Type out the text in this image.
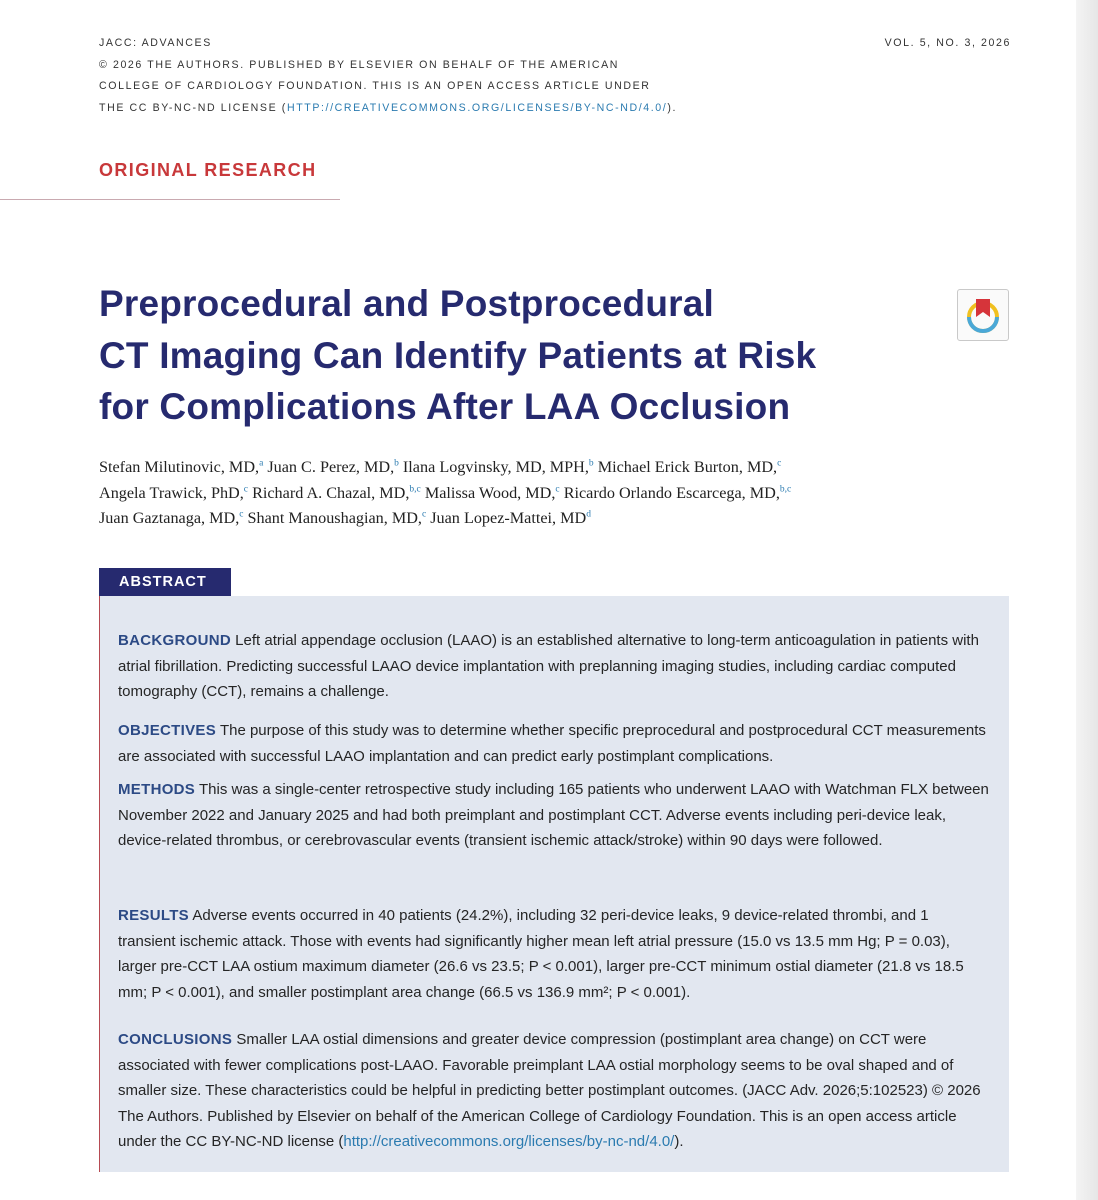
JACC: ADVANCES	VOL. 5, NO. 3, 2026
© 2026 THE AUTHORS. PUBLISHED BY ELSEVIER ON BEHALF OF THE AMERICAN
COLLEGE OF CARDIOLOGY FOUNDATION. THIS IS AN OPEN ACCESS ARTICLE UNDER
THE CC BY-NC-ND LICENSE (HTTP://CREATIVECOMMONS.ORG/LICENSES/BY-NC-ND/4.0/).
ORIGINAL RESEARCH
Preprocedural and Postprocedural
CT Imaging Can Identify Patients at Risk
for Complications After LAA Occlusion
Stefan Milutinovic, MD,$^a$ Juan C. Perez, MD,$^b$ Ilana Logvinsky, MD, MPH,$^b$ Michael Erick Burton, MD,$^c$
Angela Trawick, PhD,$^c$ Richard A. Chazal, MD,$^{b,c}$ Malissa Wood, MD,$^c$ Ricardo Orlando Escarcega, MD,$^{b,c}$
Juan Gaztanaga, MD,$^c$ Shant Manoushagian, MD,$^c$ Juan Lopez-Mattei, $MD^d$
ABSTRACT
BACKGROUND Left atrial appendage occlusion (LAAO) is an established alternative to long-term anticoagulation in patients with atrial fibrillation. Predicting successful LAAO device implantation with preplanning imaging studies, including cardiac computed tomography (CCT), remains a challenge.
OBJECTIVES The purpose of this study was to determine whether specific preprocedural and postprocedural CCT measurements are associated with successful LAAO implantation and can predict early postimplant complications.
METHODS This was a single-center retrospective study including 165 patients who underwent LAAO with Watchman FLX between November 2022 and January 2025 and had both preimplant and postimplant CCT. Adverse events including peri-device leak, device-related thrombus, or cerebrovascular events (transient ischemic attack/stroke) within 90 days were followed.
RESULTS Adverse events occurred in 40 patients (24.2%), including 32 peri-device leaks, 9 device-related thrombi, and 1 transient ischemic attack. Those with events had significantly higher mean left atrial pressure (15.0 vs 13.5 mm Hg; P = 0.03), larger pre-CCT LAA ostium maximum diameter (26.6 vs 23.5; P < 0.001), larger pre-CCT minimum ostial diameter (21.8 vs 18.5 mm; P < 0.001), and smaller postimplant area change (66.5 vs 136.9 mm²; P < 0.001).
CONCLUSIONS Smaller LAA ostial dimensions and greater device compression (postimplant area change) on CCT were associated with fewer complications post-LAAO. Favorable preimplant LAA ostial morphology seems to be oval shaped and of smaller size. These characteristics could be helpful in predicting better postimplant outcomes. (JACC Adv. 2026;5:102523) © 2026 The Authors. Published by Elsevier on behalf of the American College of Cardiology Foundation. This is an open access article under the CC BY-NC-ND license (http://creativecommons.org/licenses/by-nc-nd/4.0/).
